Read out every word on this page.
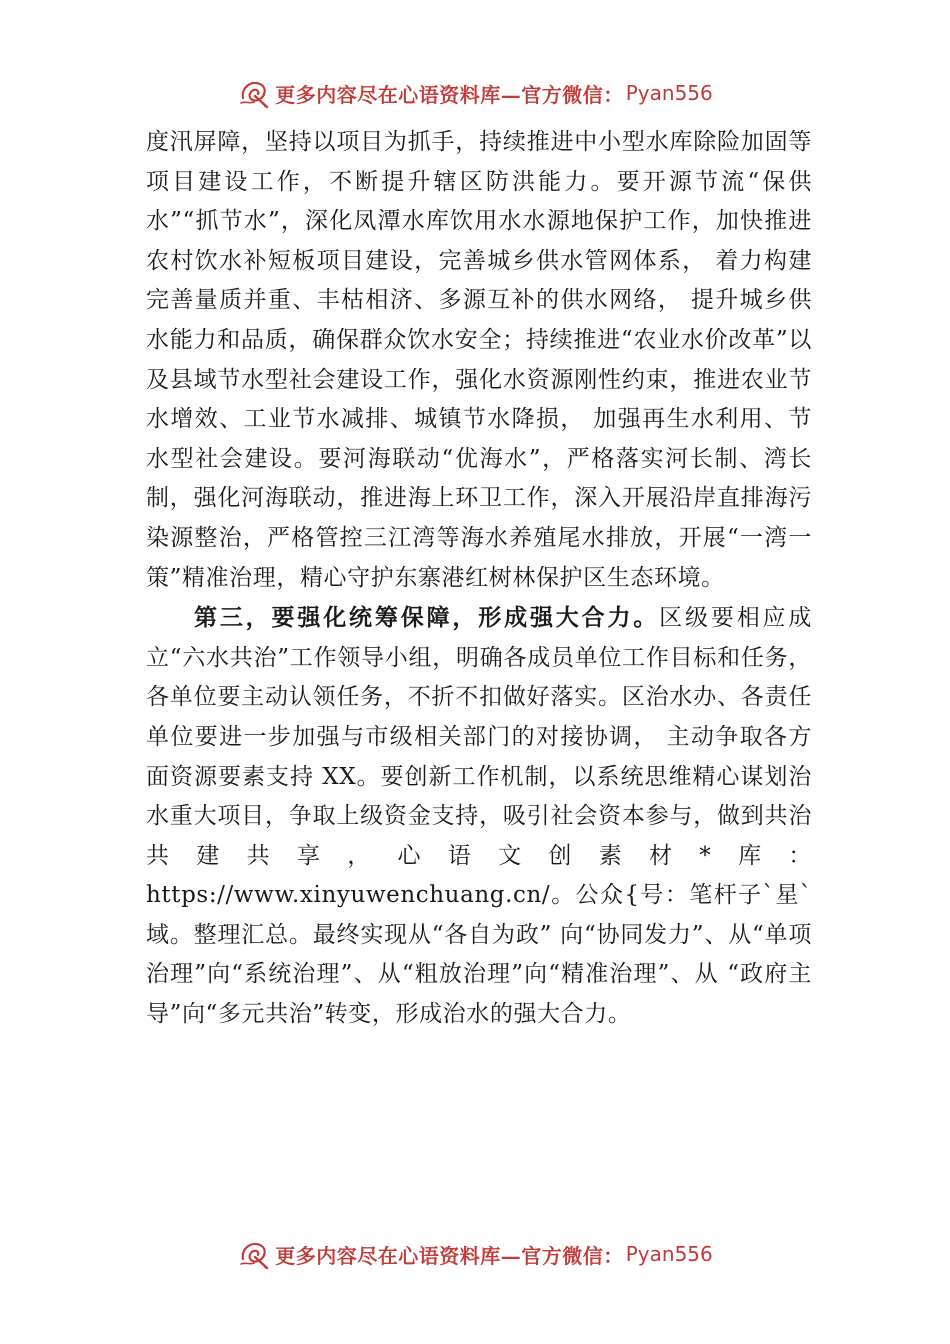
更多内容尽在心语资料库—官方微信： Pyan556

度汛屏障，坚持以项目为抓手，持续推进中小型水库除险加固等项目建设工作，不断提升辖区防洪能力。要开源节流“保供水”“抓节水”，深化凤潭水库饮用水水源地保护工作，加快推进农村饮水补短板项目建设，完善城乡供水管网体系， 着力构建完善量质并重、丰枯相济、多源互补的供水网络， 提升城乡供水能力和品质，确保群众饮水安全；持续推进“农业水价改革”以及县域节水型社会建设工作，强化水资源刚性约束，推进农业节水增效、工业节水减排、城镇节水降损， 加强再生水利用、节水型社会建设。要河海联动“优海水”，严格落实河长制、湾长制，强化河海联动，推进海上环卫工作，深入开展沿岸直排海污染源整治，严格管控三江湾等海水养殖尾水排放，开展“一湾一策”精准治理，精心守护东寨港红树林保护区生态环境。

第三，要强化统筹保障，形成强大合力。区级要相应成立“六水共治”工作领导小组，明确各成员单位工作目标和任务，各单位要主动认领任务，不折不扣做好落实。区治水办、各责任单位要进一步加强与市级相关部门的对接协调， 主动争取各方面资源要素支持 XX。要创新工作机制，以系统思维精心谋划治水重大项目，争取上级资金支持，吸引社会资本参与，做到共治共建共享，心语文创素材*库：https://www.xinyuwenchuang.cn/。公众{号：笔杆子`星`域。整理汇总。最终实现从“各自为政” 向“协同发力”、从“单项治理”向“系统治理”、从“粗放治理”向“精准治理”、从 “政府主导”向“多元共治”转变，形成治水的强大合力。

更多内容尽在心语资料库—官方微信： Pyan556
